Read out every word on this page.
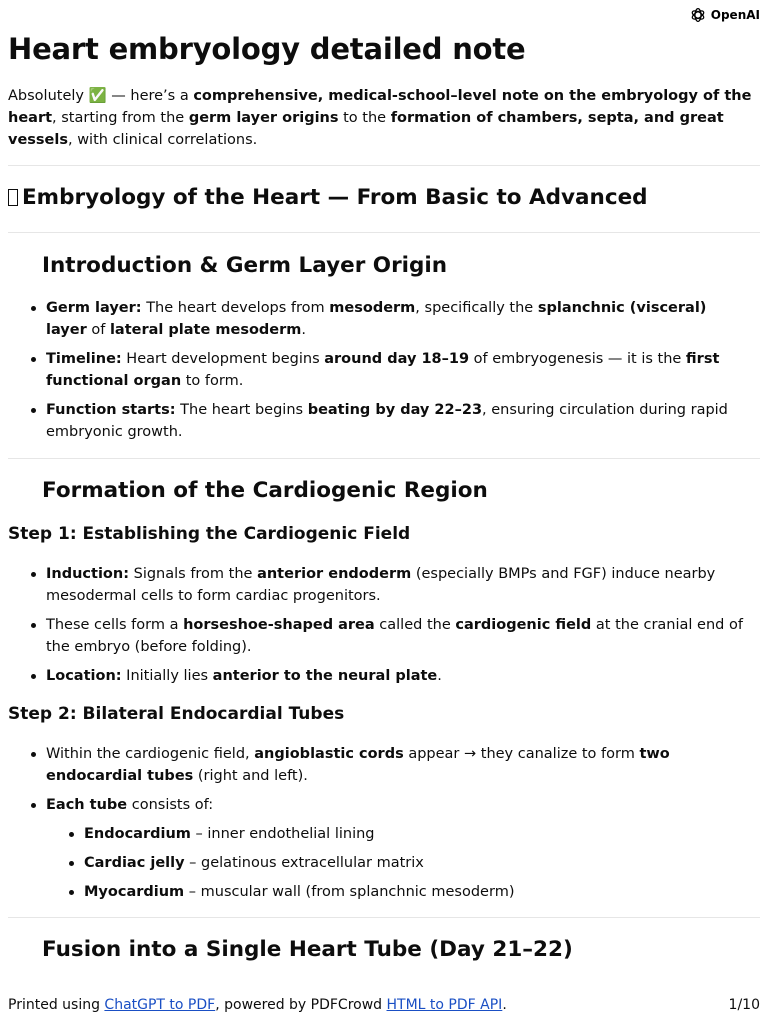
OpenAI
Heart embryology detailed note

Absolutely ✅ — here’s a comprehensive, medical-school–level note on the embryology of the heart, starting from the germ layer origins to the formation of chambers, septa, and great vessels, with clinical correlations.

Embryology of the Heart — From Basic to Advanced
Introduction & Germ Layer Origin
Germ layer: The heart develops from mesoderm, specifically the splanchnic (visceral) layer of lateral plate mesoderm.
Timeline: Heart development begins around day 18–19 of embryogenesis — it is the first functional organ to form.
Function starts: The heart begins beating by day 22–23, ensuring circulation during rapid embryonic growth.
Formation of the Cardiogenic Region
Step 1: Establishing the Cardiogenic Field
Induction: Signals from the anterior endoderm (especially BMPs and FGF) induce nearby mesodermal cells to form cardiac progenitors.
These cells form a horseshoe-shaped area called the cardiogenic field at the cranial end of the embryo (before folding).
Location: Initially lies anterior to the neural plate.
Step 2: Bilateral Endocardial Tubes
Within the cardiogenic field, angioblastic cords appear → they canalize to form two endocardial tubes (right and left).
Each tube consists of:
Endocardium – inner endothelial lining
Cardiac jelly – gelatinous extracellular matrix
Myocardium – muscular wall (from splanchnic mesoderm)
Fusion into a Single Heart Tube (Day 21–22)
Printed using ChatGPT to PDF, powered by PDFCrowd HTML to PDF API.	1/10
